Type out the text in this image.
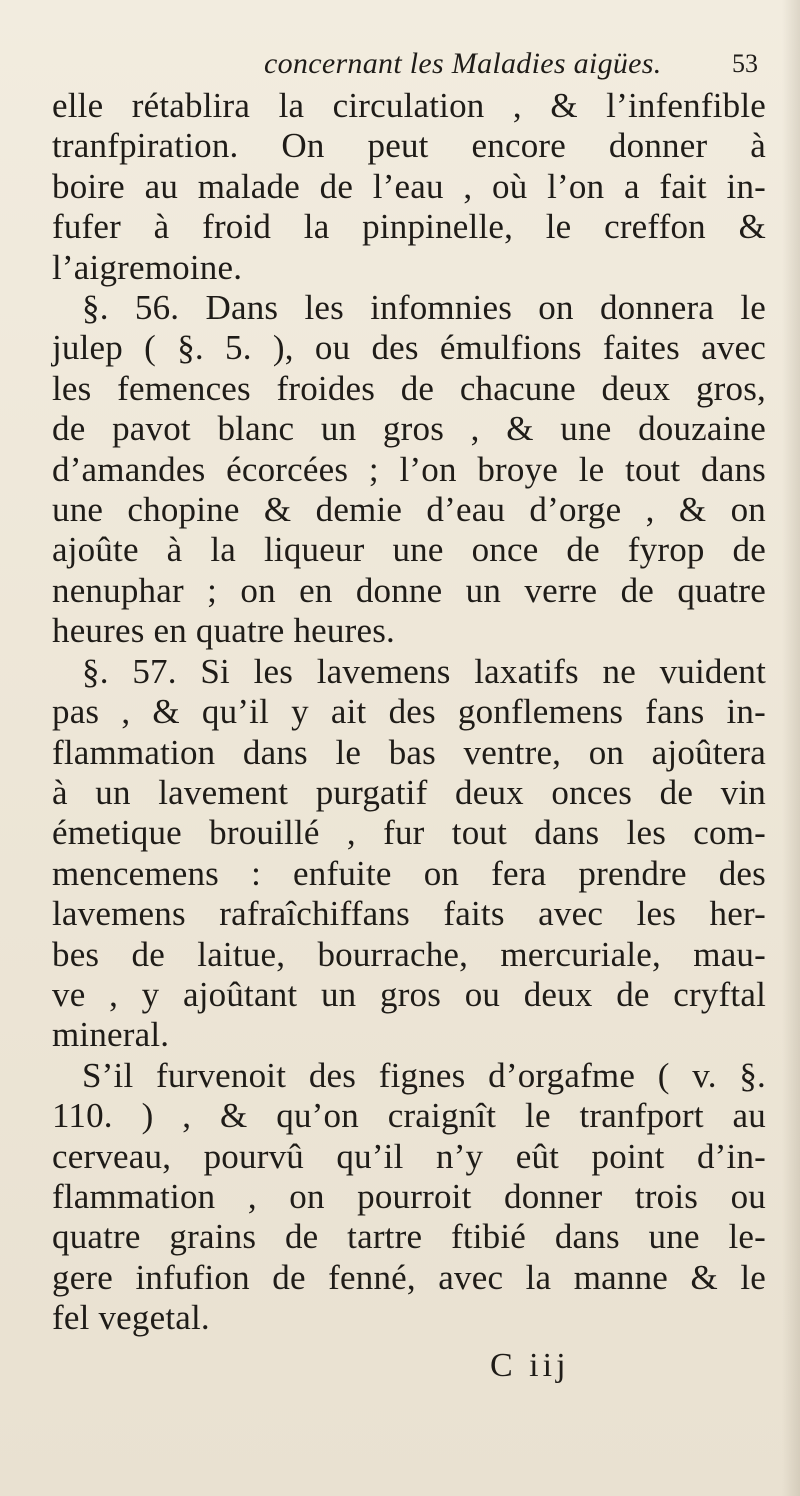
concernant les Maladies aigües.	53
elle rétablira la circulation , & l’infenfible
tranfpiration. On peut encore donner à
boire au malade de l’eau , où l’on a fait in-
fufer à froid la pinpinelle, le creffon &
l’aigremoine.
§. 56. Dans les infomnies on donnera le
julep ( §. 5. ), ou des émulfions faites avec
les femences froides de chacune deux gros,
de pavot blanc un gros , & une douzaine
d’amandes écorcées ; l’on broye le tout dans
une chopine & demie d’eau d’orge , & on
ajoûte à la liqueur une once de fyrop de
nenuphar ; on en donne un verre de quatre
heures en quatre heures.
§. 57. Si les lavemens laxatifs ne vuident
pas , & qu’il y ait des gonflemens fans in-
flammation dans le bas ventre, on ajoûtera
à un lavement purgatif deux onces de vin
émetique brouillé , fur tout dans les com-
mencemens : enfuite on fera prendre des
lavemens rafraîchiffans faits avec les her-
bes de laitue, bourrache, mercuriale, mau-
ve , y ajoûtant un gros ou deux de cryftal
mineral.
S’il furvenoit des fignes d’orgafme ( v. §.
110. ) , & qu’on craignît le tranfport au
cerveau, pourvû qu’il n’y eût point d’in-
flammation , on pourroit donner trois ou
quatre grains de tartre ftibié dans une le-
gere infufion de fenné, avec la manne & le
fel vegetal.
C iij
